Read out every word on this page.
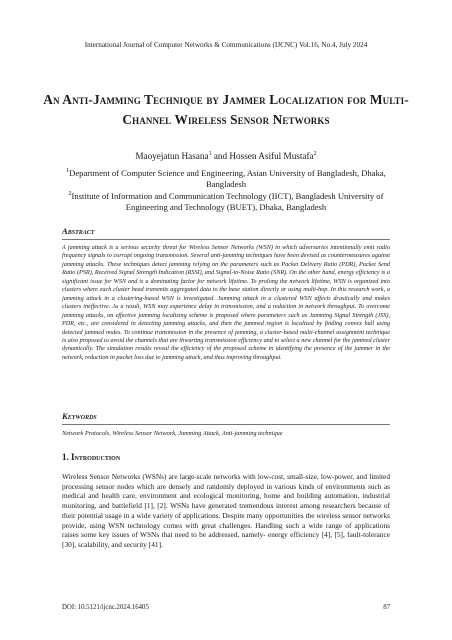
International Journal of Computer Networks & Communications (IJCNC) Vol.16, No.4, July 2024
An Anti-Jamming Technique by Jammer Localization for Multi-Channel Wireless Sensor Networks
Maoyejatun Hasana$^1$ and Hossen Asiful Mustafa$^2$
$^1$Department of Computer Science and Engineering, Asian University of Bangladesh, Dhaka, Bangladesh
$^2$Institute of Information and Communication Technology (IICT), Bangladesh University of Engineering and Technology (BUET), Dhaka, Bangladesh
Abstract

A jamming attack is a serious security threat for Wireless Sensor Networks (WSN) in which adversaries intentionally emit radio frequency signals to corrupt ongoing transmission. Several anti-jamming techniques have been devised as countermeasures against jamming attacks. These techniques detect jamming relying on the parameters such as Packet Delivery Ratio (PDR), Packet Send Ratio (PSR), Received Signal Strength Indication (RSSI), and Signal-to-Noise Ratio (SNR). On the other hand, energy efficiency is a significant issue for WSN and is a dominating factor for network lifetime. To prolong the network lifetime, WSN is organized into clusters where each cluster head transmits aggregated data to the base station directly or using multi-hop. In this research work, a jamming attack in a clustering-based WSN is investigated. Jamming attack in a clustered WSN affects drastically and makes clusters ineffective. As a result, WSN may experience delay in transmission, and a reduction in network throughput. To overcome jamming attacks, an effective jamming localizing scheme is proposed where parameters such as Jamming Signal Strength (JSS), PDR, etc., are considered in detecting jamming attacks, and then the jammed region is localized by finding convex hull using detected jammed nodes. To continue transmission in the presence of jamming, a cluster-based multi-channel assignment technique is also proposed to avoid the channels that are thwarting transmission efficiency and to select a new channel for the jammed cluster dynamically. The simulation results reveal the efficiency of the proposed scheme in identifying the presence of the jammer in the network, reduction in packet loss due to jamming attack, and thus improving throughput.

Keywords

Network Protocols, Wireless Sensor Network, Jamming Attack, Anti-jamming technique

1. Introduction

Wireless Sensor Networks (WSNs) are large-scale networks with low-cost, small-size, low-power, and limited processing sensor nodes which are densely and randomly deployed in various kinds of environments such as medical and health care, environment and ecological monitoring, home and building automation, industrial monitoring, and battlefield [1], [2]. WSNs have generated tremendous interest among researchers because of their potential usage in a wide variety of applications. Despite many opportunities the wireless sensor networks provide, using WSN technology comes with great challenges. Handling such a wide range of applications raises some key issues of WSNs that need to be addressed, namely- energy efficiency [4], [5], fault-tolerance [30], scalability, and security [41].

DOI: 10.5121/ijcnc.2024.16405	87
